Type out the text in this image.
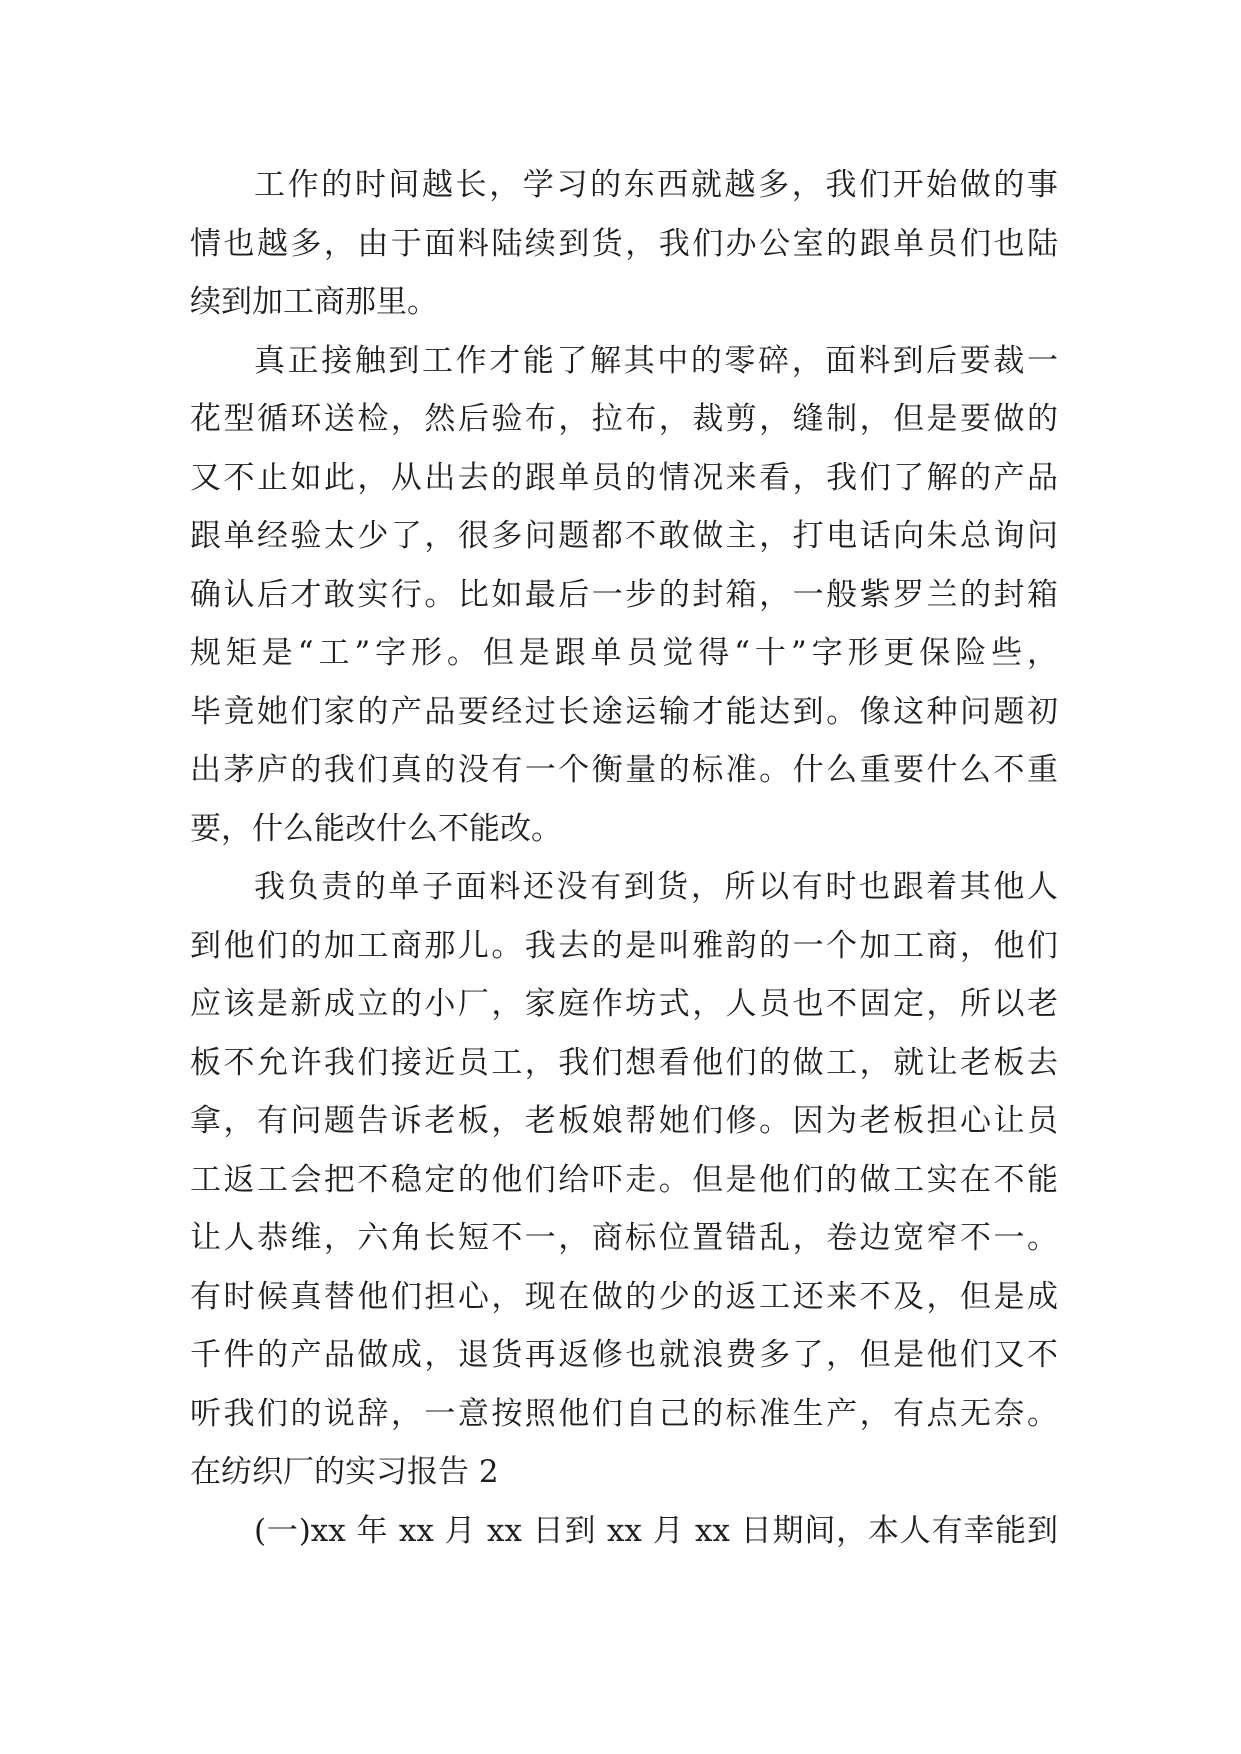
工作的时间越长，学习的东西就越多，我们开始做的事
情也越多，由于面料陆续到货，我们办公室的跟单员们也陆
续到加工商那里。
真正接触到工作才能了解其中的零碎，面料到后要裁一
花型循环送检，然后验布，拉布，裁剪，缝制，但是要做的
又不止如此，从出去的跟单员的情况来看，我们了解的产品
跟单经验太少了，很多问题都不敢做主，打电话向朱总询问
确认后才敢实行。比如最后一步的封箱，一般紫罗兰的封箱
规矩是“工”字形。但是跟单员觉得“十”字形更保险些，
毕竟她们家的产品要经过长途运输才能达到。像这种问题初
出茅庐的我们真的没有一个衡量的标准。什么重要什么不重
要，什么能改什么不能改。
我负责的单子面料还没有到货，所以有时也跟着其他人
到他们的加工商那儿。我去的是叫雅韵的一个加工商，他们
应该是新成立的小厂，家庭作坊式，人员也不固定，所以老
板不允许我们接近员工，我们想看他们的做工，就让老板去
拿，有问题告诉老板，老板娘帮她们修。因为老板担心让员
工返工会把不稳定的他们给吓走。但是他们的做工实在不能
让人恭维，六角长短不一，商标位置错乱，卷边宽窄不一。
有时候真替他们担心，现在做的少的返工还来不及，但是成
千件的产品做成，退货再返修也就浪费多了，但是他们又不
听我们的说辞，一意按照他们自己的标准生产，有点无奈。
在纺织厂的实习报告 2
(一)xx 年 xx 月 xx 日到 xx 月 xx 日期间，本人有幸能到
